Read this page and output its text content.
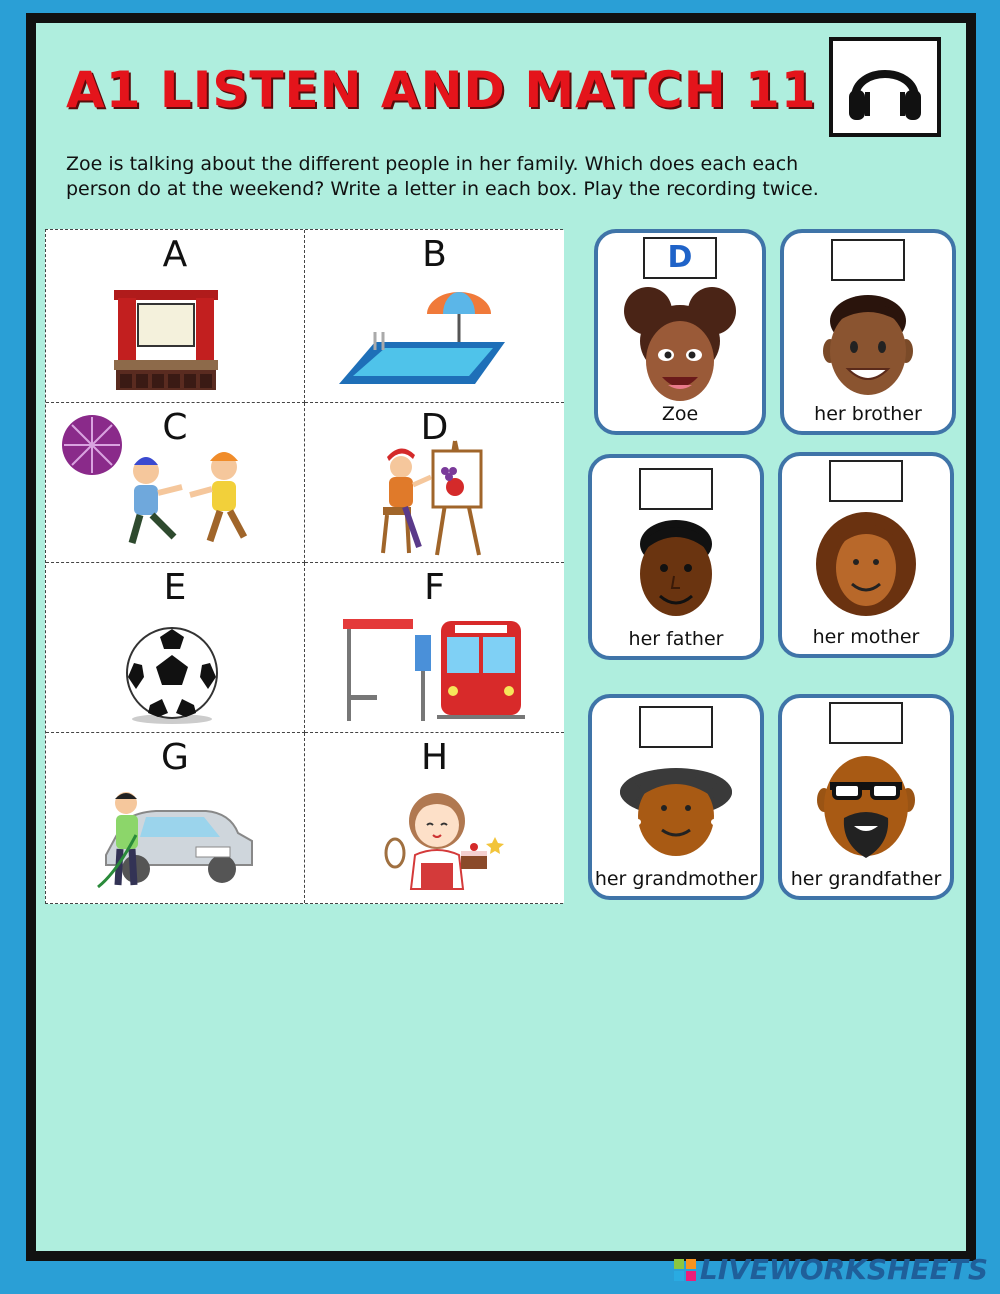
A1 LISTEN AND MATCH 11
Zoe is talking about the different people in her family. Which does each each
person do at the weekend? Write a letter in each box. Play the recording twice.
A	B
C	D
E	F
G	H
D
Zoe	her brother
her father	her mother
her grandmother	her grandfather
LIVEWORKSHEETS
